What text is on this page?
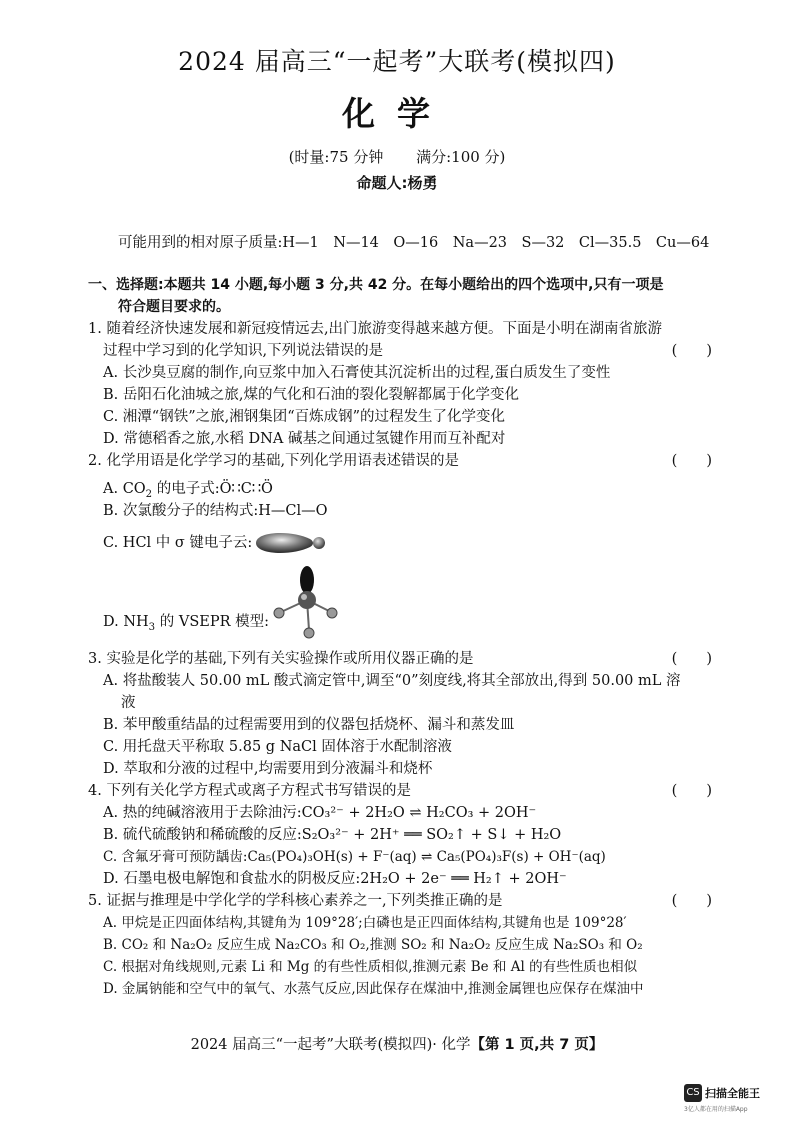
2024 届高三“一起考”大联考(模拟四)
化学
(时量:75 分钟 满分:100 分)
命题人:杨勇
可能用到的相对原子质量:H—1　N—14　O—16　Na—23　S—32　Cl—35.5　Cu—64
一、选择题:本题共 14 小题,每小题 3 分,共 42 分。在每小题给出的四个选项中,只有一项是
符合题目要求的。
1. 随着经济快速发展和新冠疫情远去,出门旅游变得越来越方便。下面是小明在湖南省旅游
过程中学习到的化学知识,下列说法错误的是	(　　)
A. 长沙臭豆腐的制作,向豆浆中加入石膏使其沉淀析出的过程,蛋白质发生了变性
B. 岳阳石化油城之旅,煤的气化和石油的裂化裂解都属于化学变化
C. 湘潭“钢铁”之旅,湘钢集团“百炼成钢”的过程发生了化学变化
D. 常德稻香之旅,水稻 DNA 碱基之间通过氢键作用而互补配对
2. 化学用语是化学学习的基础,下列化学用语表述错误的是	(　　)
A. $CO_2$ 的电子式:Ö∷C∷Ö
B. 次氯酸分子的结构式:H—Cl—O
C. HCl 中 σ 键电子云:
D. $NH_3$ 的 VSEPR 模型:
3. 实验是化学的基础,下列有关实验操作或所用仪器正确的是	(　　)
A. 将盐酸装人 50.00 mL 酸式滴定管中,调至“0”刻度线,将其全部放出,得到 50.00 mL 溶
液
B. 苯甲酸重结晶的过程需要用到的仪器包括烧杯、漏斗和蒸发皿
C. 用托盘天平称取 5.85 g NaCl 固体溶于水配制溶液
D. 萃取和分液的过程中,均需要用到分液漏斗和烧杯
4. 下列有关化学方程式或离子方程式书写错误的是	(　　)
A. 热的纯碱溶液用于去除油污:CO₃²⁻ + 2H₂O ⇌ H₂CO₃ + 2OH⁻
B. 硫代硫酸钠和稀硫酸的反应:S₂O₃²⁻ + 2H⁺ ══ SO₂↑ + S↓ + H₂O
C. 含氟牙膏可预防龋齿:Ca₅(PO₄)₃OH(s) + F⁻(aq) ⇌ Ca₅(PO₄)₃F(s) + OH⁻(aq)
D. 石墨电极电解饱和食盐水的阴极反应:2H₂O + 2e⁻ ══ H₂↑ + 2OH⁻
5. 证据与推理是中学化学的学科核心素养之一,下列类推正确的是	(　　)
A. 甲烷是正四面体结构,其键角为 109°28′;白磷也是正四面体结构,其键角也是 109°28′
B. CO₂ 和 Na₂O₂ 反应生成 Na₂CO₃ 和 O₂,推测 SO₂ 和 Na₂O₂ 反应生成 Na₂SO₃ 和 O₂
C. 根据对角线规则,元素 Li 和 Mg 的有些性质相似,推测元素 Be 和 Al 的有些性质也相似
D. 金属钠能和空气中的氧气、水蒸气反应,因此保存在煤油中,推测金属锂也应保存在煤油中
2024 届高三“一起考”大联考(模拟四)· 化学【第 1 页,共 7 页】
CS 扫描全能王
3亿人都在用的扫描App
